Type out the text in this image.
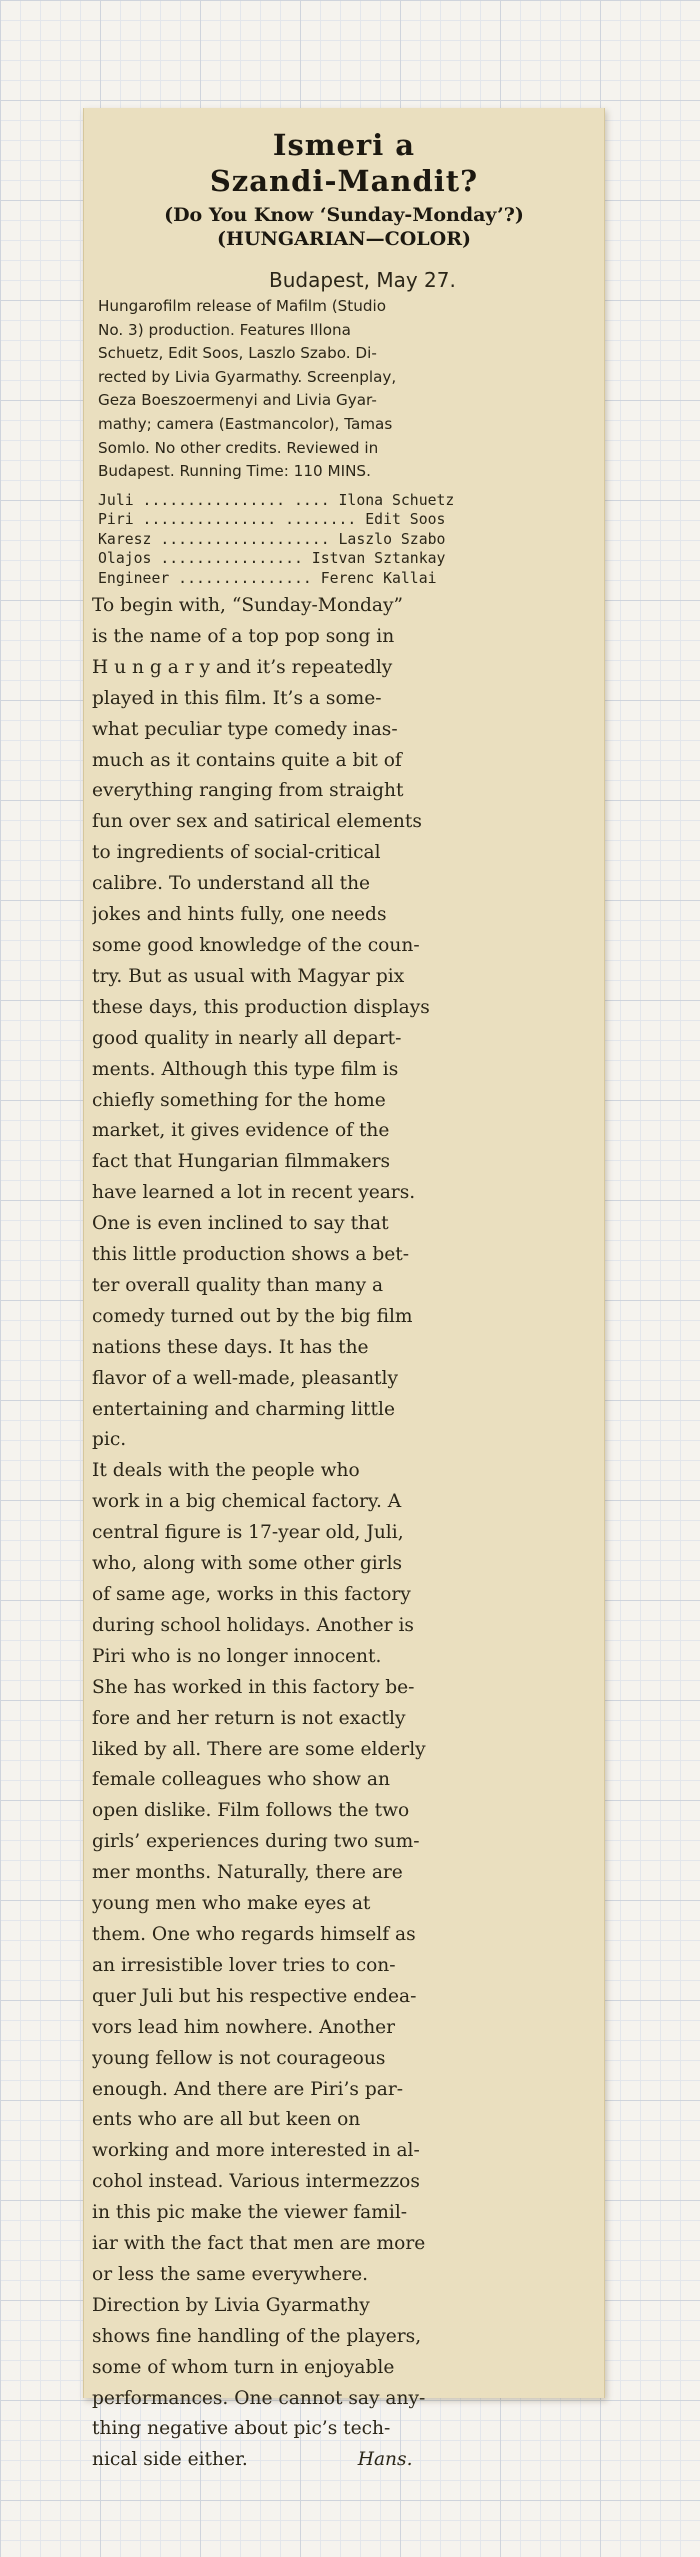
Ismeri a
Szandi-Mandit?
(Do You Know ‘Sunday-Monday’?)
(HUNGARIAN—COLOR)
Budapest, May 27.
Hungarofilm release of Mafilm (Studio
No. 3) production. Features Illona
Schuetz, Edit Soos, Laszlo Szabo. Di-
rected by Livia Gyarmathy. Screenplay,
Geza Boeszoermenyi and Livia Gyar-
mathy; camera (Eastmancolor), Tamas
Somlo. No other credits. Reviewed in
Budapest. Running Time: 110 MINS.
Juli ................ .... Ilona Schuetz
Piri ............... ........ Edit Soos
Karesz ................... Laszlo Szabo
Olajos ................ Istvan Sztankay
Engineer ............... Ferenc Kallai
To begin with, “Sunday-Monday”
is the name of a top pop song in
H u n g a r y and it’s repeatedly
played in this film. It’s a some-
what peculiar type comedy inas-
much as it contains quite a bit of
everything ranging from straight
fun over sex and satirical elements
to ingredients of social-critical
calibre. To understand all the
jokes and hints fully, one needs
some good knowledge of the coun-
try. But as usual with Magyar pix
these days, this production displays
good quality in nearly all depart-
ments. Although this type film is
chiefly something for the home
market, it gives evidence of the
fact that Hungarian filmmakers
have learned a lot in recent years.
One is even inclined to say that
this little production shows a bet-
ter overall quality than many a
comedy turned out by the big film
nations these days. It has the
flavor of a well-made, pleasantly
entertaining and charming little
pic.
It deals with the people who
work in a big chemical factory. A
central figure is 17-year old, Juli,
who, along with some other girls
of same age, works in this factory
during school holidays. Another is
Piri who is no longer innocent.
She has worked in this factory be-
fore and her return is not exactly
liked by all. There are some elderly
female colleagues who show an
open dislike. Film follows the two
girls’ experiences during two sum-
mer months. Naturally, there are
young men who make eyes at
them. One who regards himself as
an irresistible lover tries to con-
quer Juli but his respective endea-
vors lead him nowhere. Another
young fellow is not courageous
enough. And there are Piri’s par-
ents who are all but keen on
working and more interested in al-
cohol instead. Various intermezzos
in this pic make the viewer famil-
iar with the fact that men are more
or less the same everywhere.
Direction by Livia Gyarmathy
shows fine handling of the players,
some of whom turn in enjoyable
performances. One cannot say any-
thing negative about pic’s tech-
nical side either.	Hans.
